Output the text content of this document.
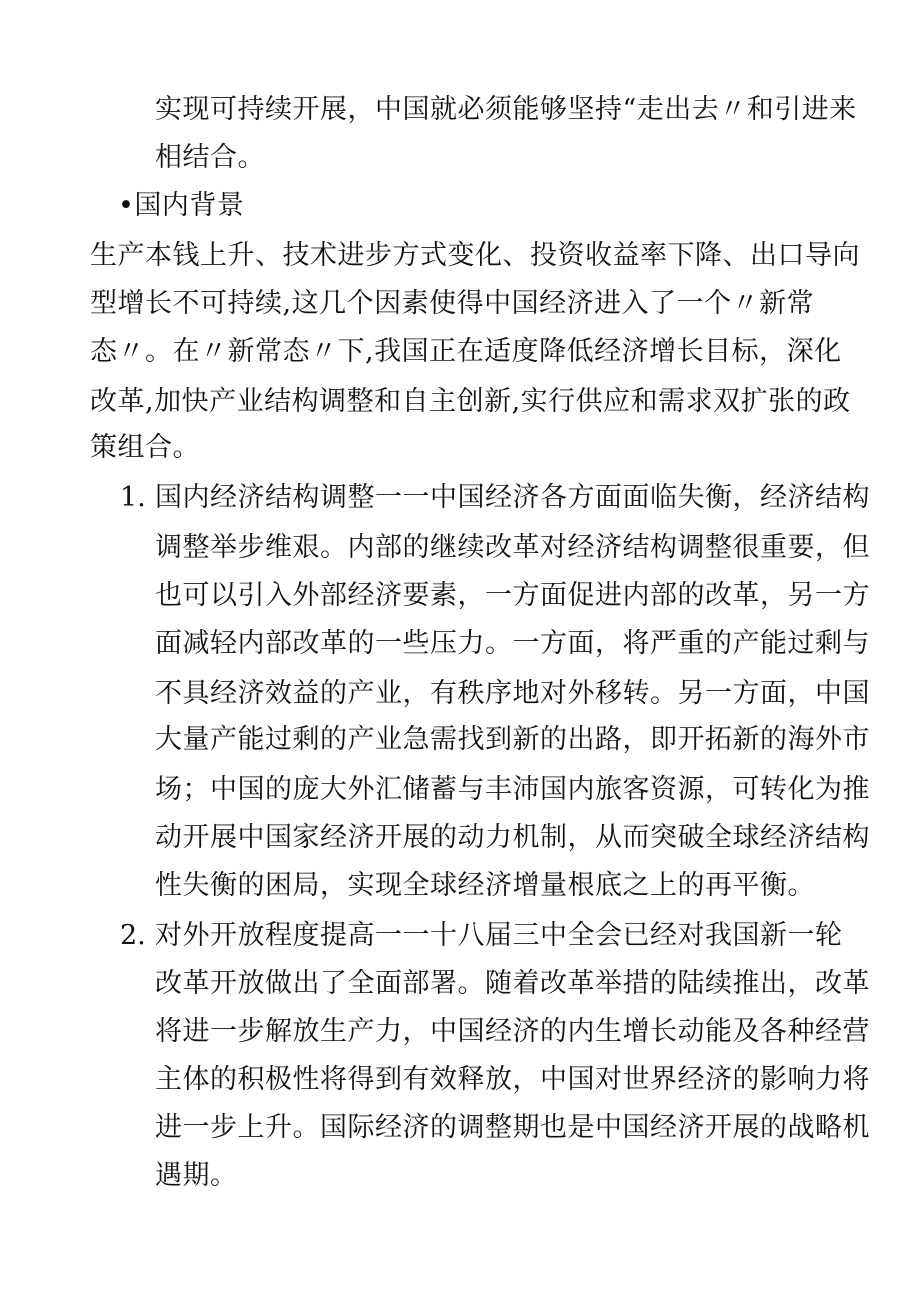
实现可持续开展，中国就必须能够坚持“走出去〃和引进来
相结合。
•国内背景
生产本钱上升、技术进步方式变化、投资收益率下降、出口导向
型增长不可持续,这几个因素使得中国经济进入了一个〃新常
态〃。在〃新常态〃下,我国正在适度降低经济增长目标，深化
改革,加快产业结构调整和自主创新,实行供应和需求双扩张的政
策组合。
1. 国内经济结构调整一一中国经济各方面面临失衡，经济结构
调整举步维艰。内部的继续改革对经济结构调整很重要，但
也可以引入外部经济要素，一方面促进内部的改革，另一方
面减轻内部改革的一些压力。一方面，将严重的产能过剩与
不具经济效益的产业，有秩序地对外移转。另一方面，中国
大量产能过剩的产业急需找到新的出路，即开拓新的海外市
场；中国的庞大外汇储蓄与丰沛国内旅客资源，可转化为推
动开展中国家经济开展的动力机制，从而突破全球经济结构
性失衡的困局，实现全球经济增量根底之上的再平衡。
2. 对外开放程度提高一一十八届三中全会已经对我国新一轮
改革开放做出了全面部署。随着改革举措的陆续推出，改革
将进一步解放生产力，中国经济的内生增长动能及各种经营
主体的积极性将得到有效释放，中国对世界经济的影响力将
进一步上升。国际经济的调整期也是中国经济开展的战略机
遇期。
